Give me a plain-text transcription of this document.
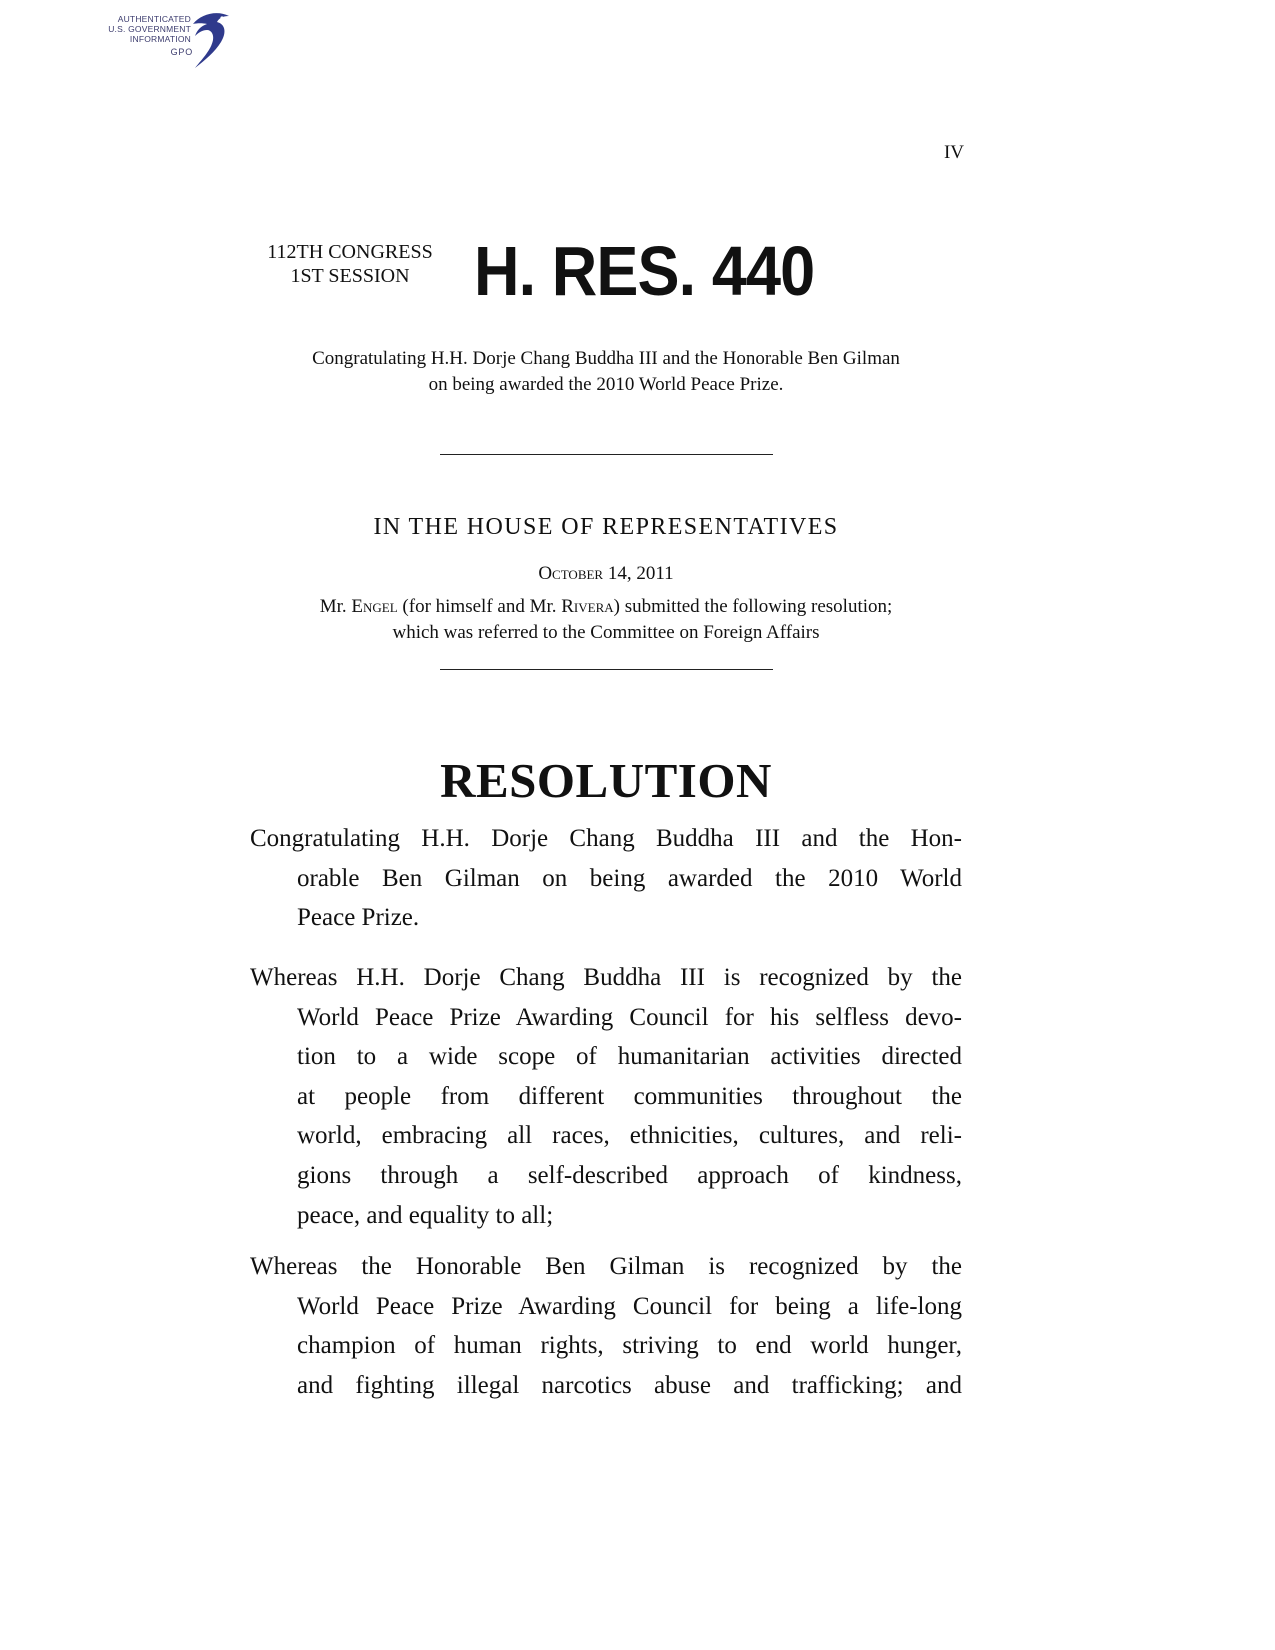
AUTHENTICATED
U.S. GOVERNMENT
INFORMATION
GPO
IV
112TH CONGRESS
1ST SESSION H. RES. 440
Congratulating H.H. Dorje Chang Buddha III and the Honorable Ben Gilman
on being awarded the 2010 World Peace Prize.
IN THE HOUSE OF REPRESENTATIVES
October 14, 2011
Mr. Engel (for himself and Mr. Rivera) submitted the following resolution;
which was referred to the Committee on Foreign Affairs
RESOLUTION
Congratulating H.H. Dorje Chang Buddha III and the Hon-
orable Ben Gilman on being awarded the 2010 World
Peace Prize.
Whereas H.H. Dorje Chang Buddha III is recognized by the
World Peace Prize Awarding Council for his selfless devo-
tion to a wide scope of humanitarian activities directed
at people from different communities throughout the
world, embracing all races, ethnicities, cultures, and reli-
gions through a self-described approach of kindness,
peace, and equality to all;
Whereas the Honorable Ben Gilman is recognized by the
World Peace Prize Awarding Council for being a life-long
champion of human rights, striving to end world hunger,
and fighting illegal narcotics abuse and trafficking; and
